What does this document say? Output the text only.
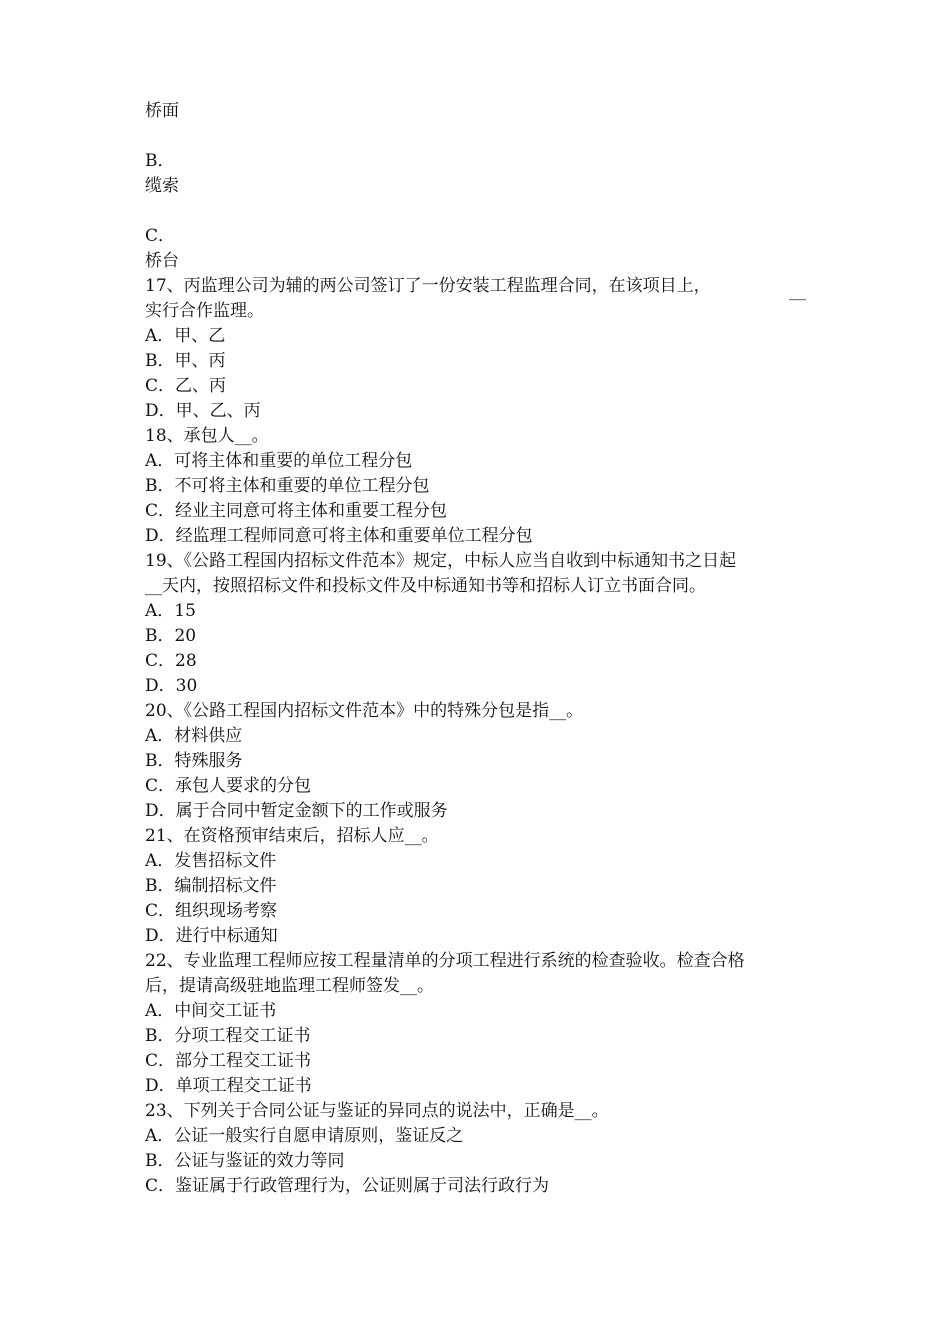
桥面
B．
缆索
C．
桥台
17、丙监理公司为辅的两公司签订了一份安装工程监理合同，在该项目上，	__
实行合作监理。
A．甲、乙
B．甲、丙
C．乙、丙
D．甲、乙、丙
18、承包人__。
A．可将主体和重要的单位工程分包
B．不可将主体和重要的单位工程分包
C．经业主同意可将主体和重要工程分包
D．经监理工程师同意可将主体和重要单位工程分包
19、《公路工程国内招标文件范本》规定，中标人应当自收到中标通知书之日起
__天内，按照招标文件和投标文件及中标通知书等和招标人订立书面合同。
A．15
B．20
C．28
D．30
20、《公路工程国内招标文件范本》中的特殊分包是指__。
A．材料供应
B．特殊服务
C．承包人要求的分包
D．属于合同中暂定金额下的工作或服务
21、在资格预审结束后，招标人应__。
A．发售招标文件
B．编制招标文件
C．组织现场考察
D．进行中标通知
22、专业监理工程师应按工程量清单的分项工程进行系统的检查验收。检查合格
后，提请高级驻地监理工程师签发__。
A．中间交工证书
B．分项工程交工证书
C．部分工程交工证书
D．单项工程交工证书
23、下列关于合同公证与鉴证的异同点的说法中，正确是__。
A．公证一般实行自愿申请原则，鉴证反之
B．公证与鉴证的效力等同
C．鉴证属于行政管理行为，公证则属于司法行政行为
